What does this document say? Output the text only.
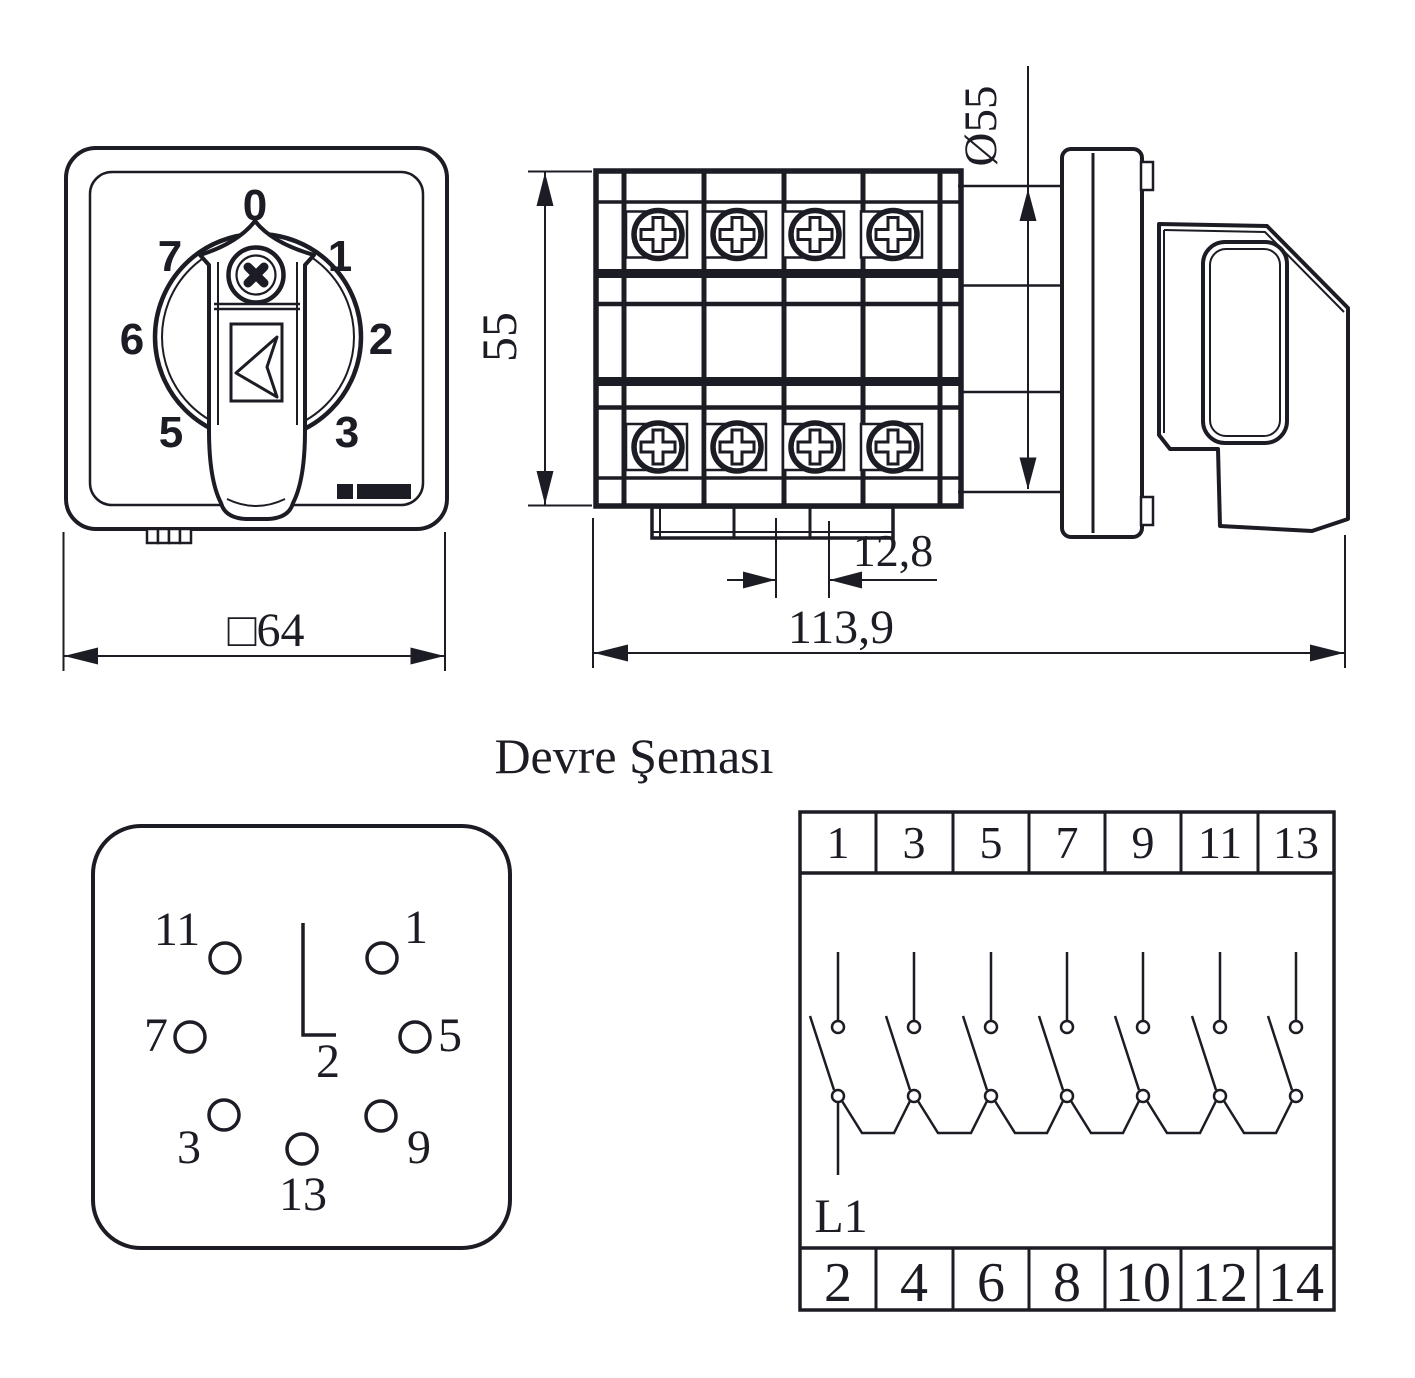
0
1
2
3
5
6
7
□64
55
Ø55
12,8
113,9
Devre Şeması
11	1
7	5
3	9
13
2
1 3 5 7 9 11 13
2 4 6 8 10 12 14
L1
